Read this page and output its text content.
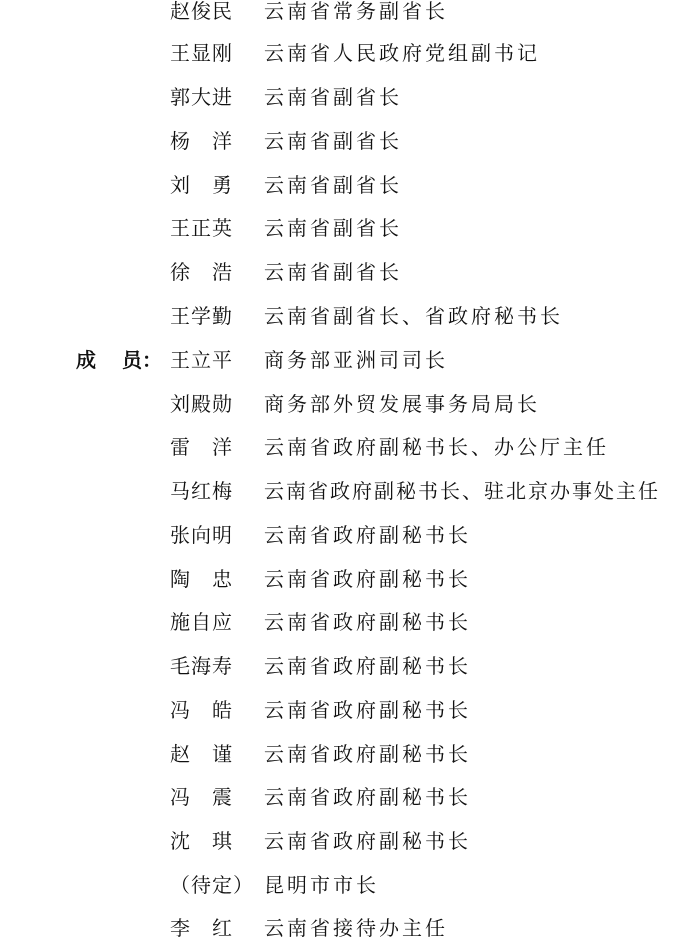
赵俊民 云南省常务副省长
王显刚 云南省人民政府党组副书记
郭大进 云南省副省长
杨　洋 云南省副省长
刘　勇 云南省副省长
王正英 云南省副省长
徐　浩 云南省副省长
王学勤 云南省副省长、省政府秘书长
成 员： 王立平 商务部亚洲司司长
刘殿勋 商务部外贸发展事务局局长
雷　洋 云南省政府副秘书长、办公厅主任
马红梅 云南省政府副秘书长、驻北京办事处主任
张向明 云南省政府副秘书长
陶　忠 云南省政府副秘书长
施自应 云南省政府副秘书长
毛海寿 云南省政府副秘书长
冯　皓 云南省政府副秘书长
赵　谨 云南省政府副秘书长
冯　震 云南省政府副秘书长
沈　琪 云南省政府副秘书长
（待定） 昆明市市长
李　红 云南省接待办主任
